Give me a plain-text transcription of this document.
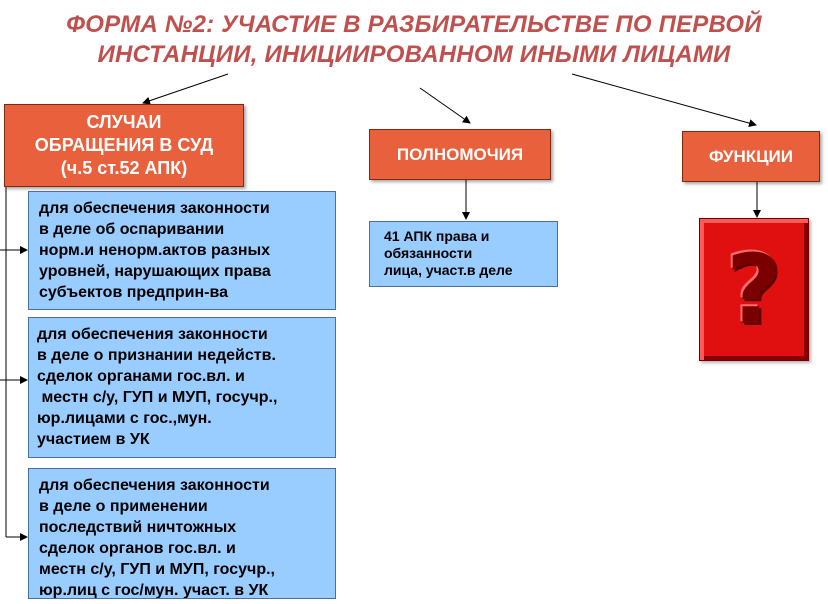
ФОРМА №2: УЧАСТИЕ В РАЗБИРАТЕЛЬСТВЕ ПО ПЕРВОЙ
ИНСТАНЦИИ, ИНИЦИИРОВАННОМ ИНЫМИ ЛИЦАМИ
СЛУЧАИ
ОБРАЩЕНИЯ В СУД
(ч.5 ст.52 АПК)
ПОЛНОМОЧИЯ	ФУНКЦИИ
для обеспечения законности
в деле об оспаривании
норм.и ненорм.актов разных
уровней, нарушающих права
субъектов предприн-ва
для обеспечения законности
в деле о признании недейств.
сделок органами гос.вл. и
местн с/у, ГУП и МУП, госучр.,
юр.лицами с гос.,мун.
участием в УК
для обеспечения законности
в деле о применении
последствий ничтожных
сделок органов гос.вл. и
местн с/у, ГУП и МУП, госучр.,
юр.лиц с гос/мун. участ. в УК
41 АПК права и
обязанности
лица, участ.в деле	?
